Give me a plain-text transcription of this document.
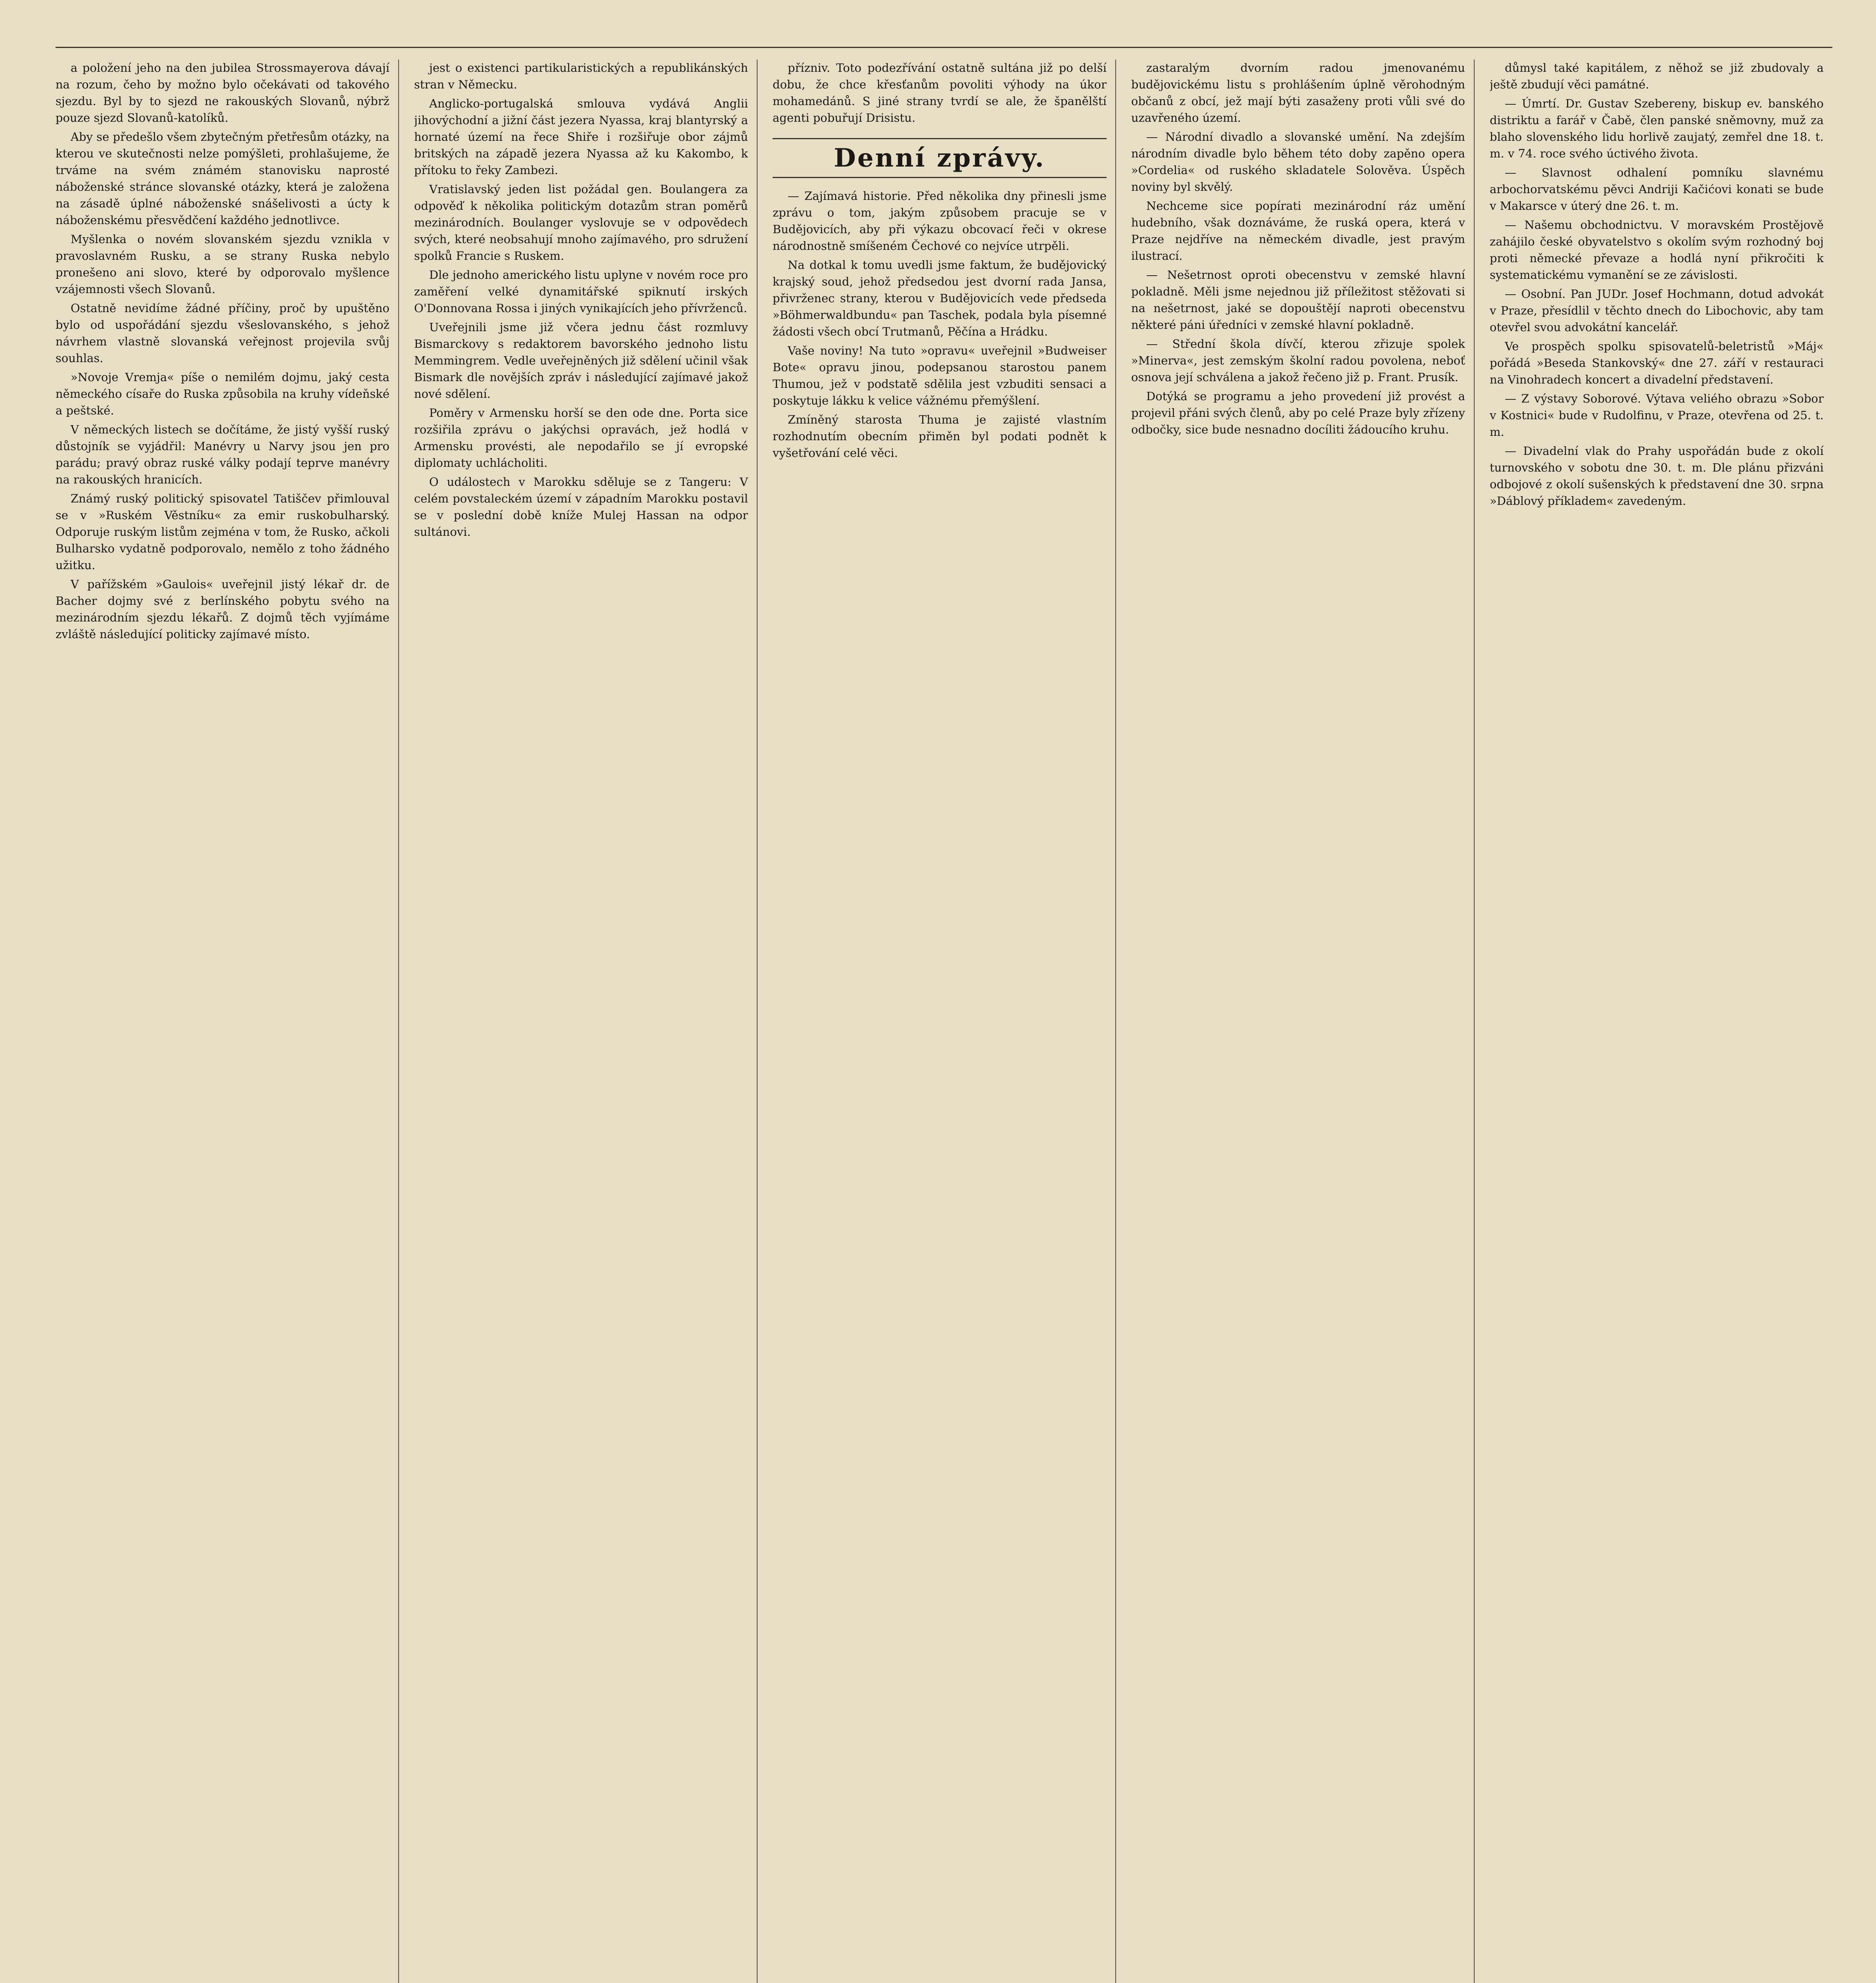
a položení jeho na den jubilea Strossmayerova dávají na rozum, čeho by možno bylo očekávati od takového sjezdu. Byl by to sjezd ne rakouských Slovanů, nýbrž pouze sjezd Slovanů-katolíků.

Aby se předešlo všem zbytečným přetřesům otázky, na kterou ve skutečnosti nelze pomýšleti, prohlašujeme, že trváme na svém známém stanovisku naprosté náboženské stránce slovanské otázky, která je založena na zásadě úplné náboženské snášelivosti a úcty k náboženskému přesvědčení každého jednotlivce.

Myšlenka o novém slovanském sjezdu vznikla v pravoslavném Rusku, a se strany Ruska nebylo pronešeno ani slovo, které by odporovalo myšlence vzájemnosti všech Slovanů.

Ostatně nevidíme žádné příčiny, proč by upuštěno bylo od uspořádání sjezdu všeslovanského, s jehož návrhem vlastně slovanská veřejnost projevila svůj souhlas.

»Novoje Vremja« píše o nemilém dojmu, jaký cesta německého císaře do Ruska způsobila na kruhy vídeňské a peštské.

V německých listech se dočítáme, že jistý vyšší ruský důstojník se vyjádřil: Manévry u Narvy jsou jen pro parádu; pravý obraz ruské války podají teprve manévry na rakouských hranicích.

Známý ruský politický spisovatel Tatiščev přimlouval se v »Ruském Věstníku« za emir ruskobulharský. Odporuje ruským listům zejména v tom, že Rusko, ačkoli Bulharsko vydatně podporovalo, nemělo z toho žádného užitku.

V pařížském »Gaulois« uveřejnil jistý lékař dr. de Bacher dojmy své z berlínského pobytu svého na mezinárodním sjezdu lékařů. Z dojmů těch vyjímáme zvláště následující politicky zajímavé místo.

jest o existenci partikularistických a republikánských stran v Německu.

Anglicko-portugalská smlouva vydává Anglii jihovýchodní a jižní část jezera Nyassa, kraj blantyrský a hornaté území na řece Shiře i rozšiřuje obor zájmů britských na západě jezera Nyassa až ku Kakombo, k přítoku to řeky Zambezi.

Vratislavský jeden list požádal gen. Boulangera za odpověď k několika politickým dotazům stran poměrů mezinárodních. Boulanger vyslovuje se v odpovědech svých, které neobsahují mnoho zajímavého, pro sdružení spolků Francie s Ruskem.

Dle jednoho amerického listu uplyne v novém roce pro zaměření velké dynamitářské spiknutí irských O'Donnovana Rossa i jiných vynikajících jeho přívrženců.

Uveřejnili jsme již včera jednu část rozmluvy Bismarckovy s redaktorem bavorského jednoho listu Memmingrem. Vedle uveřejněných již sdělení učinil však Bismark dle novějších zpráv i následující zajímavé jakož nové sdělení.

Poměry v Armensku horší se den ode dne. Porta sice rozšiřila zprávu o jakýchsi opravách, jež hodlá v Armensku provésti, ale nepodařilo se jí evropské diplomaty uchlácholiti.

O událostech v Marokku sděluje se z Tangeru: V celém povstaleckém území v západním Marokku postavil se v poslední době kníže Mulej Hassan na odpor sultánovi.

přízniv. Toto podezřívání ostatně sultána již po delší dobu, že chce křesťanům povoliti výhody na úkor mohamedánů. S jiné strany tvrdí se ale, že španělští agenti pobuřují Drisistu.

Denní zprávy.

— Zajímavá historie. Před několika dny přinesli jsme zprávu o tom, jakým způsobem pracuje se v Budějovicích, aby při výkazu obcovací řeči v okrese národnostně smíšeném Čechové co nejvíce utrpěli.

Na dotkal k tomu uvedli jsme faktum, že budějovický krajský soud, jehož předsedou jest dvorní rada Jansa, přivrženec strany, kterou v Budějovicích vede předseda »Böhmerwaldbundu« pan Taschek, podala byla písemné žádosti všech obcí Trutmanů, Pěčína a Hrádku.

Vaše noviny! Na tuto »opravu« uveřejnil »Budweiser Bote« opravu jinou, podepsanou starostou panem Thumou, jež v podstatě sdělila jest vzbuditi sensaci a poskytuje lákku k velice vážnému přemýšlení.

Zmíněný starosta Thuma je zajisté vlastním rozhodnutím obecním přiměn byl podati podnět k vyšetřování celé věci.

zastaralým dvorním radou jmenovanému budějovickému listu s prohlášením úplně věrohodným občanů z obcí, jež mají býti zasaženy proti vůli své do uzavřeného území.

— Národní divadlo a slovanské umění. Na zdejším národním divadle bylo během této doby zapěno opera »Cordelia« od ruského skladatele Solověva. Úspěch noviny byl skvělý.

Nechceme sice popírati mezinárodní ráz umění hudebního, však doznáváme, že ruská opera, která v Praze nejdříve na německém divadle, jest pravým ilustrací.

— Nešetrnost oproti obecenstvu v zemské hlavní pokladně. Měli jsme nejednou již příležitost stěžovati si na nešetrnost, jaké se dopouštějí naproti obecenstvu některé páni úředníci v zemské hlavní pokladně.

— Střední škola dívčí, kterou zřizuje spolek »Minerva«, jest zemským školní radou povolena, neboť osnova její schválena a jakož řečeno již p. Frant. Prusík.

Dotýká se programu a jeho provedení již provést a projevil přáni svých členů, aby po celé Praze byly zřízeny odbočky, sice bude nesnadno docíliti žádoucího kruhu.

důmysl také kapitálem, z něhož se již zbudovaly a ještě zbudují věci památné.

— Úmrtí. Dr. Gustav Szebereny, biskup ev. banského distriktu a farář v Čabě, člen panské sněmovny, muž za blaho slovenského lidu horlivě zaujatý, zemřel dne 18. t. m. v 74. roce svého úctivého života.

— Slavnost odhalení pomníku slavnému arbochorvatskému pěvci Andriji Kačićovi konati se bude v Makarsce v úterý dne 26. t. m.

— Našemu obchodnictvu. V moravském Prostějově zahájilo české obyvatelstvo s okolím svým rozhodný boj proti německé převaze a hodlá nyní přikročiti k systematickému vymanění se ze závislosti.

— Osobní. Pan JUDr. Josef Hochmann, dotud advokát v Praze, přesídlil v těchto dnech do Libochovic, aby tam otevřel svou advokátní kancelář.

Ve prospěch spolku spisovatelů-beletristů »Máj« pořádá »Beseda Stankovský« dne 27. září v restauraci na Vinohradech koncert a divadelní představení.

— Z výstavy Soborové. Výtava veliého obrazu »Sobor v Kostnici« bude v Rudolfinu, v Praze, otevřena od 25. t. m.

— Divadelní vlak do Prahy uspořádán bude z okolí turnovského v sobotu dne 30. t. m. Dle plánu přizváni odbojové z okolí sušenských k představení dne 30. srpna »Dáblový příkladem« zavedeným.
